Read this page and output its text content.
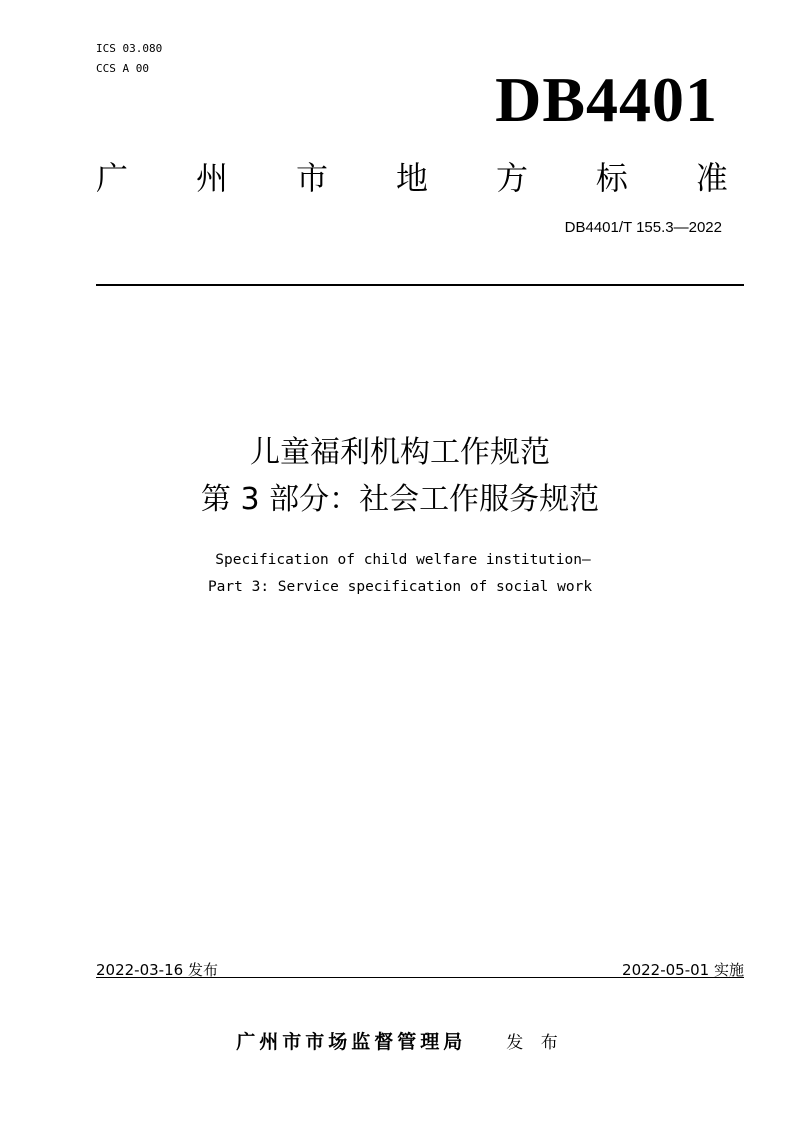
ICS 03.080
CCS A 00	DB4401
广 州 市 地 方 标 准
DB4401/T 155.3—2022
儿童福利机构工作规范
第 3 部分：社会工作服务规范
Specification of child welfare institution—
Part 3: Service specification of social work
2022-03-16 发布	2022-05-01 实施
广州市市场监督管理局 发 布
